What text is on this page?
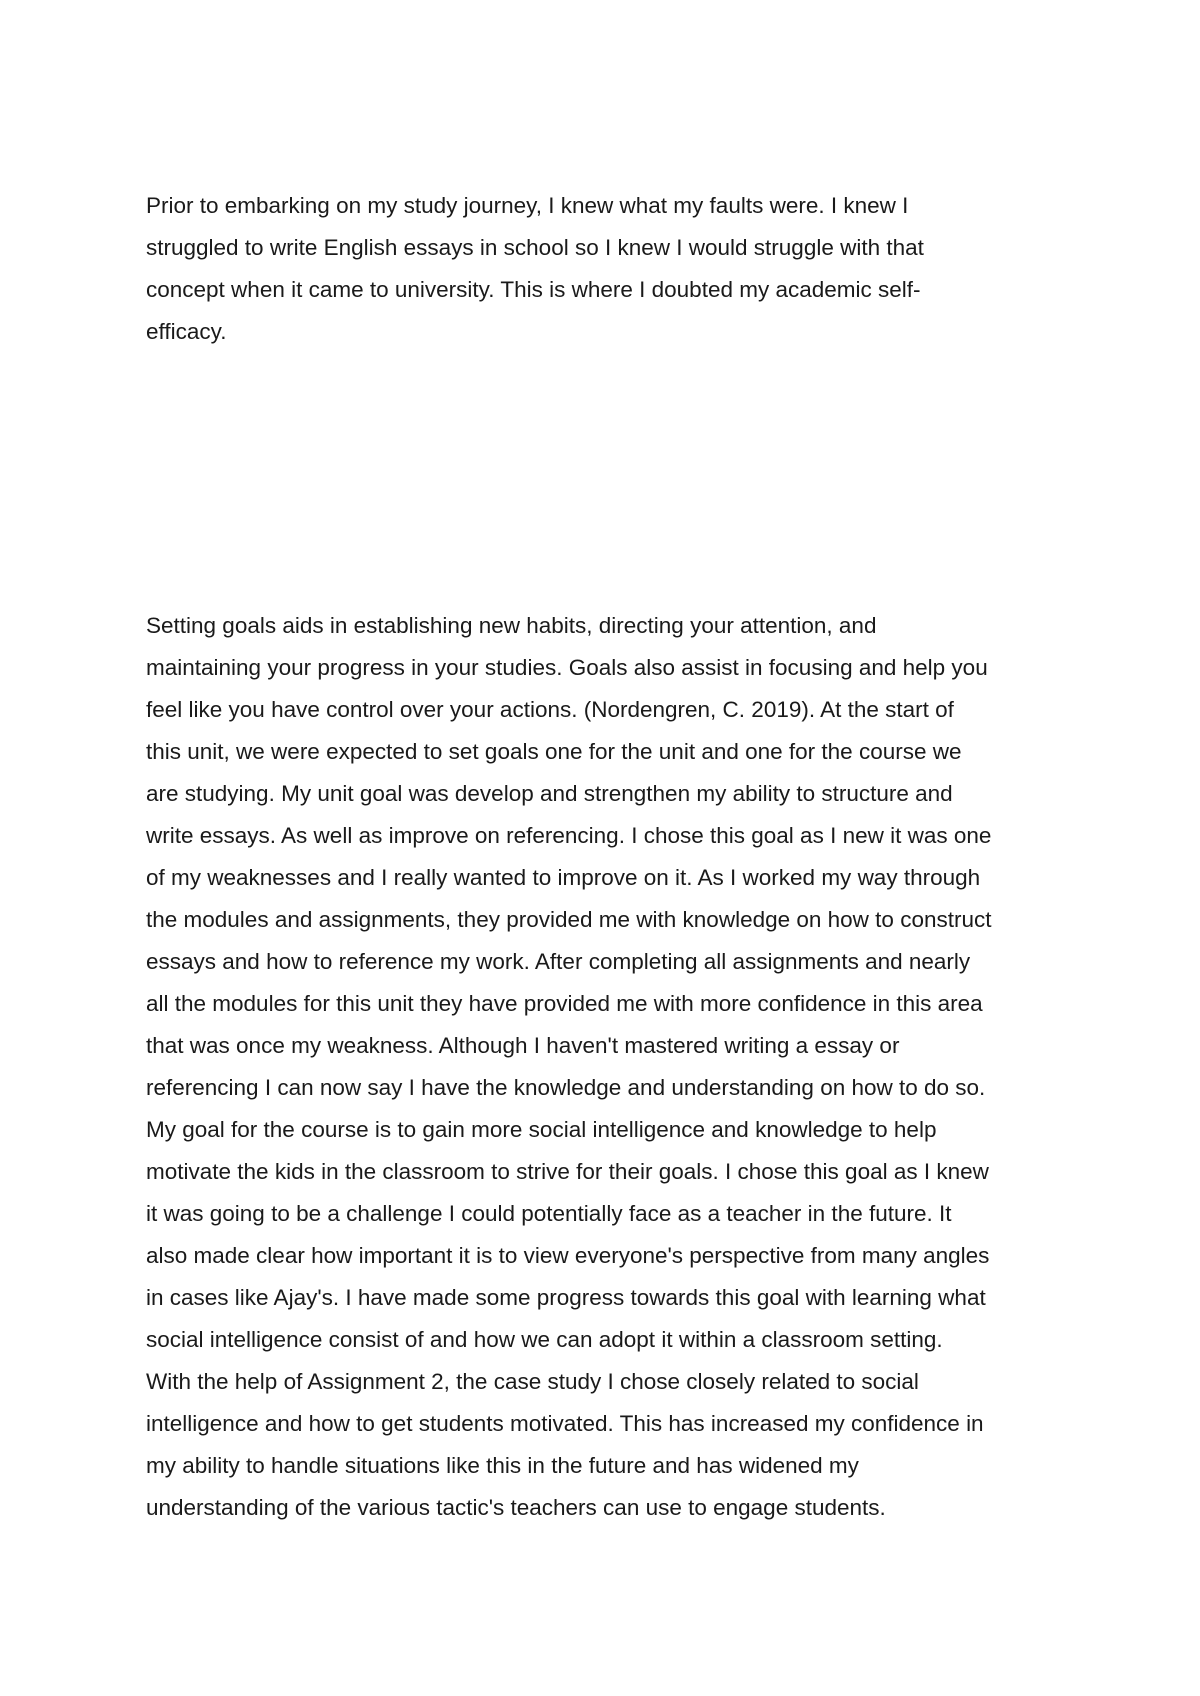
Prior to embarking on my study journey, I knew what my faults were. I knew I

struggled to write English essays in school so I knew I would struggle with that

concept when it came to university. This is where I doubted my academic self-

efficacy.

Setting goals aids in establishing new habits, directing your attention, and

maintaining your progress in your studies. Goals also assist in focusing and help you

feel like you have control over your actions. (Nordengren, C. 2019). At the start of

this unit, we were expected to set goals one for the unit and one for the course we

are studying. My unit goal was develop and strengthen my ability to structure and

write essays. As well as improve on referencing. I chose this goal as I new it was one

of my weaknesses and I really wanted to improve on it. As I worked my way through

the modules and assignments, they provided me with knowledge on how to construct

essays and how to reference my work. After completing all assignments and nearly

all the modules for this unit they have provided me with more confidence in this area

that was once my weakness. Although I haven't mastered writing a essay or

referencing I can now say I have the knowledge and understanding on how to do so.

My goal for the course is to gain more social intelligence and knowledge to help

motivate the kids in the classroom to strive for their goals. I chose this goal as I knew

it was going to be a challenge I could potentially face as a teacher in the future. It

also made clear how important it is to view everyone's perspective from many angles

in cases like Ajay's. I have made some progress towards this goal with learning what

social intelligence consist of and how we can adopt it within a classroom setting.

With the help of Assignment 2, the case study I chose closely related to social

intelligence and how to get students motivated. This has increased my confidence in

my ability to handle situations like this in the future and has widened my

understanding of the various tactic's teachers can use to engage students.
